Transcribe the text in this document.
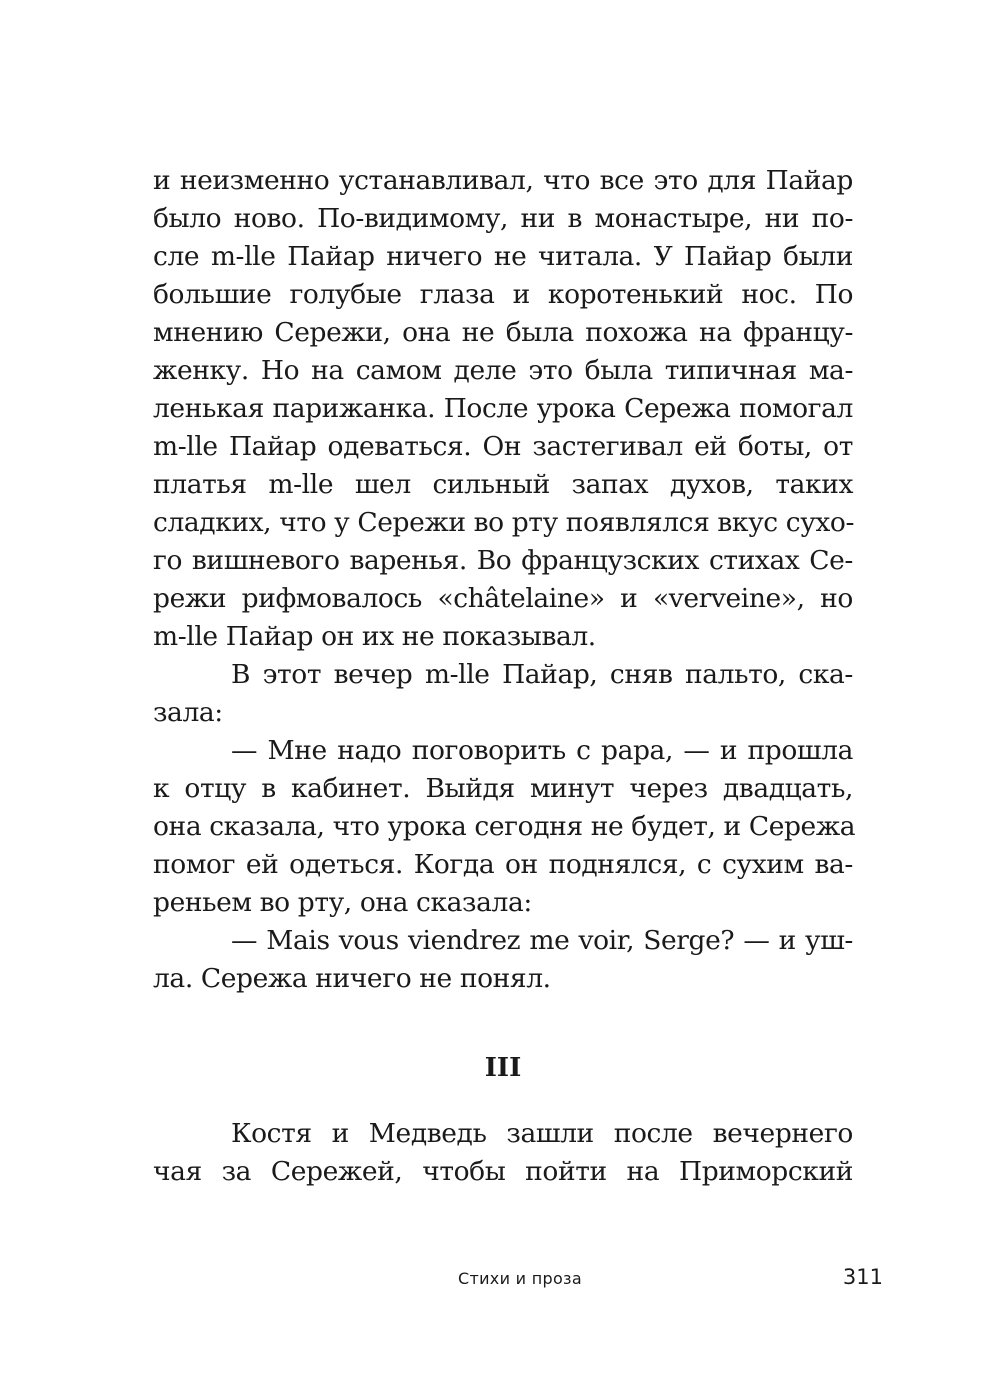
и неизменно устанавливал, что все это для Пайар
было ново. По-видимому, ни в монастыре, ни по-
сле m-lle Пайар ничего не читала. У Пайар были
большие голубые глаза и коротенький нос. По
мнению Сережи, она не была похожа на францу-
женку. Но на самом деле это была типичная ма-
ленькая парижанка. После урока Сережа помогал
m-lle Пайар одеваться. Он застегивал ей боты, от
платья m-lle шел сильный запах духов, таких
сладких, что у Сережи во рту появлялся вкус сухо-
го вишневого варенья. Во французских стихах Се-
режи рифмовалось «châtelaine» и «verveine», но
m-lle Пайар он их не показывал.
В этот вечер m-lle Пайар, сняв пальто, ска-
зала:
— Мне надо поговорить с papa, — и прошла
к отцу в кабинет. Выйдя минут через двадцать,
она сказала, что урока сегодня не будет, и Сережа
помог ей одеться. Когда он поднялся, с сухим ва-
реньем во рту, она сказала:
— Mais vous viendrez me voir, Serge? — и уш-
ла. Сережа ничего не понял.
III
Костя и Медведь зашли после вечернего
чая за Сережей, чтобы пойти на Приморский
Стихи и проза	311
